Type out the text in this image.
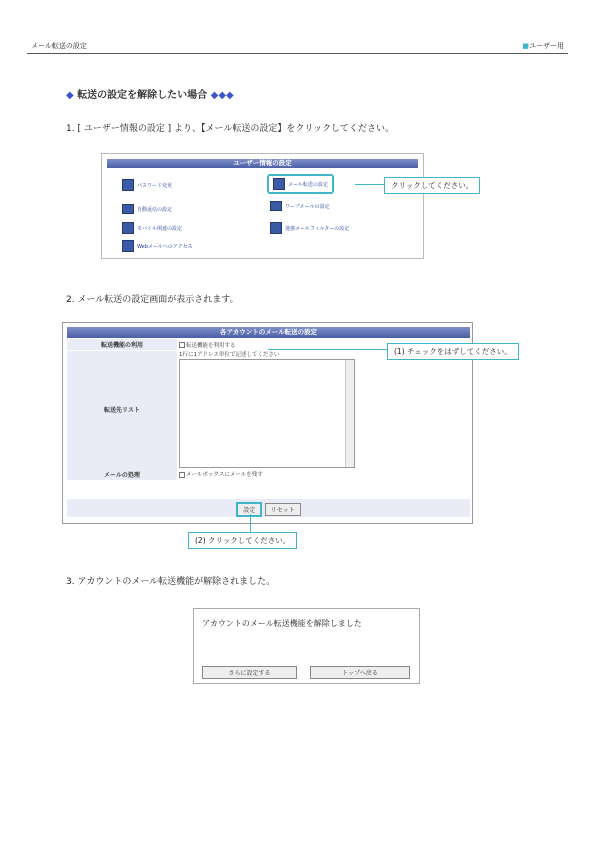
メール転送の設定	■ユーザー用
◆ 転送の設定を解除したい場合 ◆◆◆
1. [ ユーザー情報の設定 ] より、【メール転送の設定】をクリックしてください。
ユーザー情報の設定
パスワード変更
自動返信の設定
モバイル関連の設定
Webメールへのアクセス
メール転送の設定
ワープメールの設定
迷惑メールフィルターの設定
クリックしてください。
2. メール転送の設定画面が表示されます。
各アカウントのメール転送の設定
転送機能の利用	転送機能を利用する
転送先リスト	1行に1アドレス単位で記述してください

メールの処理	メールボックスにメールを残す
設定	リセット
(1) チェックをはずしてください。
(2) クリックしてください。
3. アカウントのメール転送機能が解除されました。
アカウントのメール転送機能を解除しました
さらに設定する	トップへ戻る
